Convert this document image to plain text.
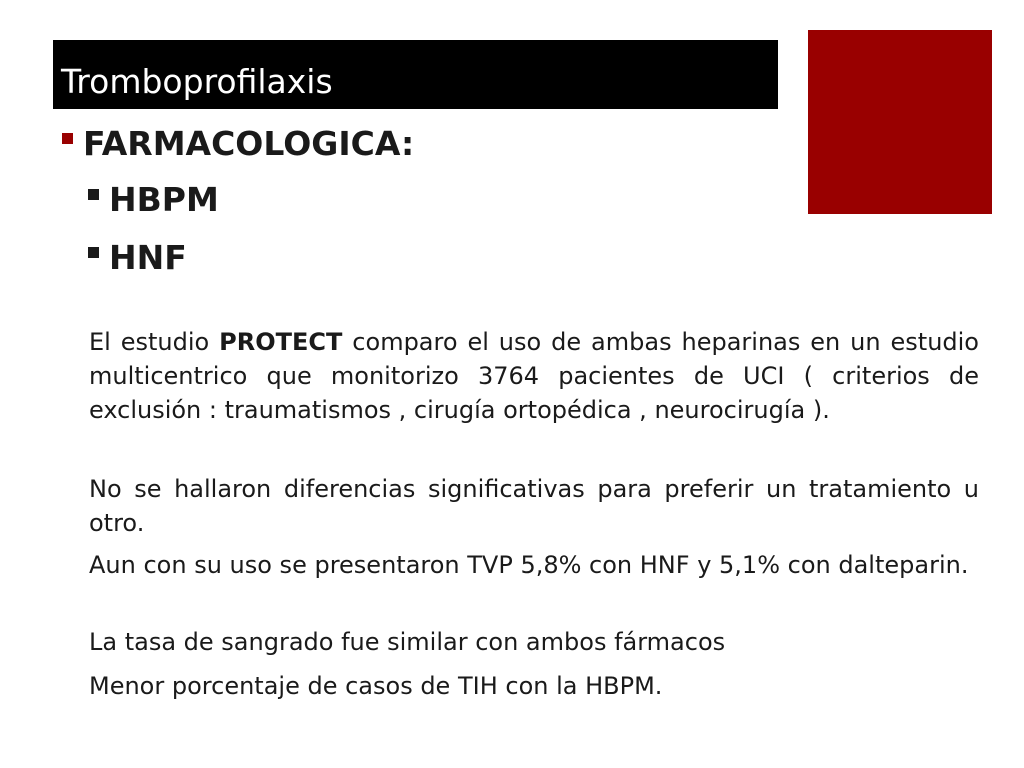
Tromboprofilaxis
FARMACOLOGICA:
HBPM
HNF
El estudio PROTECT comparo el uso de ambas heparinas en un estudio multicentrico que monitorizo 3764 pacientes de UCI ( criterios de exclusión : traumatismos , cirugía ortopédica , neurocirugía ).
No se hallaron diferencias significativas para preferir un tratamiento u otro.
Aun con su uso se presentaron TVP 5,8% con HNF y 5,1% con dalteparin.
La tasa de sangrado fue similar con ambos fármacos
Menor porcentaje de casos de TIH con la HBPM.
